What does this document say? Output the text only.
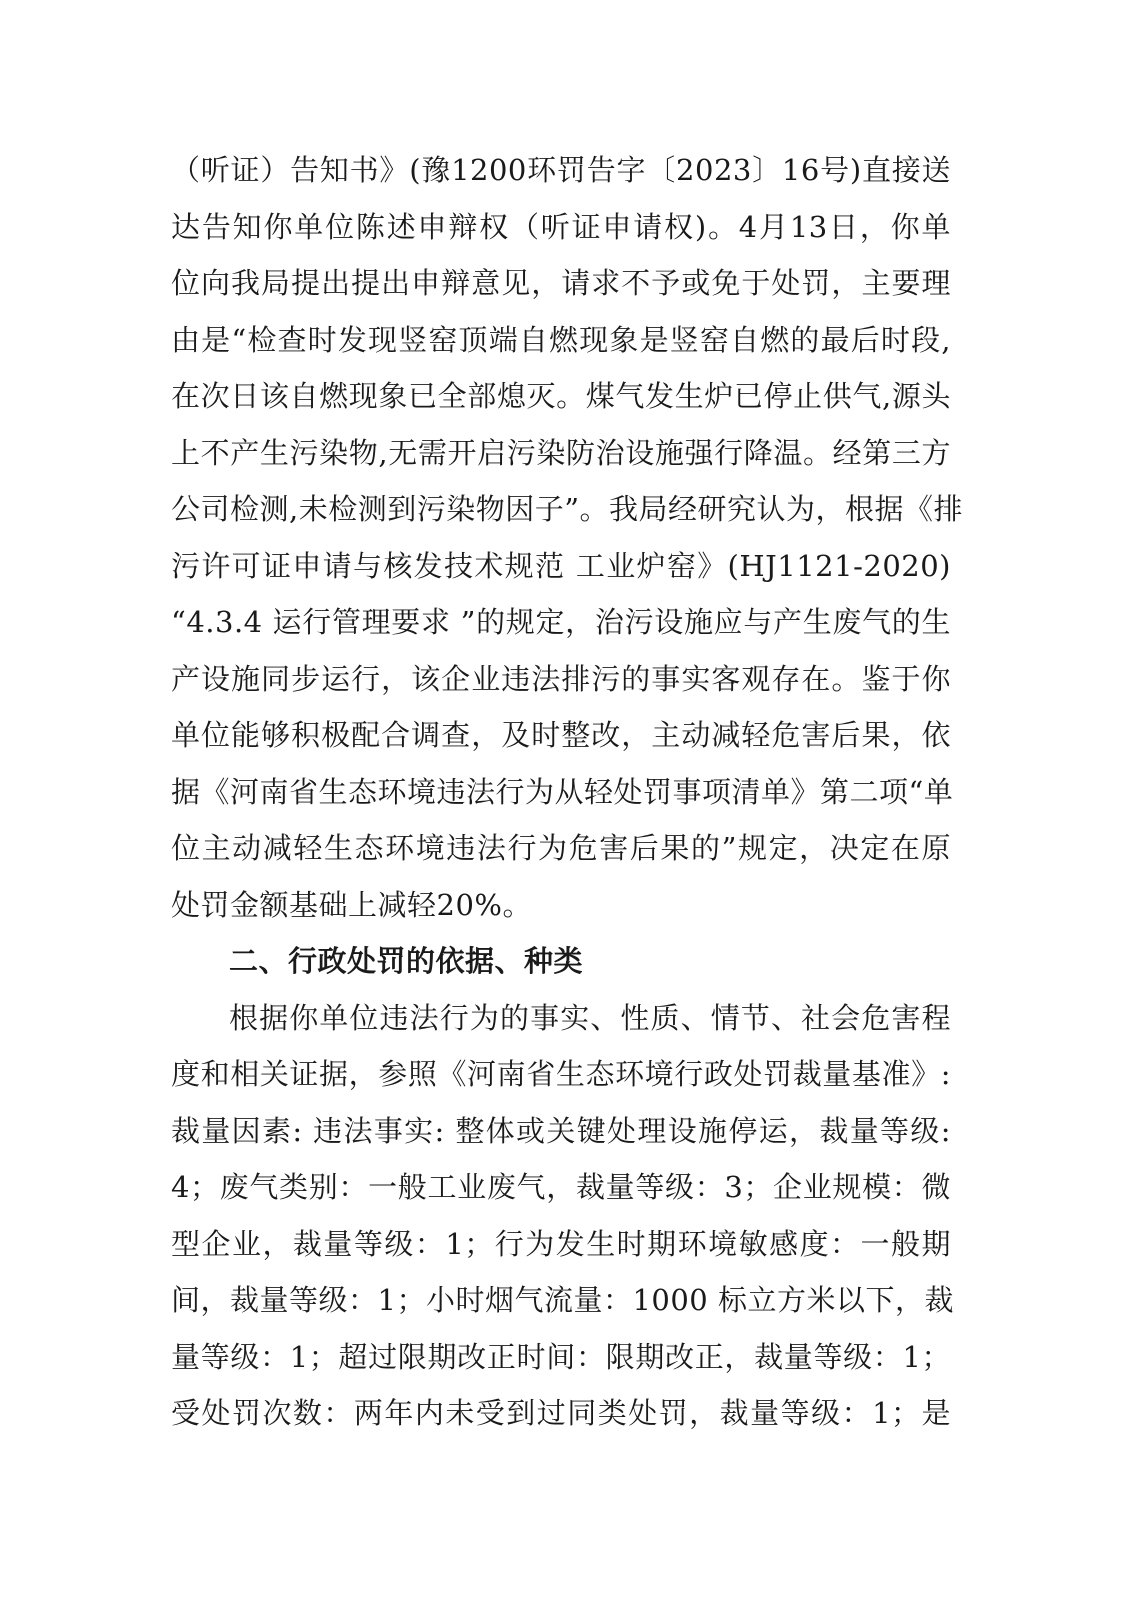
（听证）告知书》(豫1200环罚告字〔2023〕16号)直接送
达告知你单位陈述申辩权（听证申请权)。4月13日，你单
位向我局提出提出申辩意见，请求不予或免于处罚，主要理
由是“检查时发现竖窑顶端自燃现象是竖窑自燃的最后时段,
在次日该自燃现象已全部熄灭。煤气发生炉已停止供气,源头
上不产生污染物,无需开启污染防治设施强行降温。经第三方
公司检测,未检测到污染物因子”。我局经研究认为，根据《排
污许可证申请与核发技术规范 工业炉窑》(HJ1121-2020)
“4.3.4 运行管理要求 ”的规定，治污设施应与产生废气的生
产设施同步运行，该企业违法排污的事实客观存在。鉴于你
单位能够积极配合调查，及时整改，主动减轻危害后果，依
据《河南省生态环境违法行为从轻处罚事项清单》第二项“单
位主动减轻生态环境违法行为危害后果的”规定，决定在原
处罚金额基础上减轻20%。
二、行政处罚的依据、种类
根据你单位违法行为的事实、性质、情节、社会危害程
度和相关证据，参照《河南省生态环境行政处罚裁量基准》:
裁量因素: 违法事实: 整体或关键处理设施停运，裁量等级:
4；废气类别：一般工业废气，裁量等级：3；企业规模：微
型企业，裁量等级：1；行为发生时期环境敏感度：一般期
间，裁量等级：1；小时烟气流量：1000 标立方米以下，裁
量等级：1；超过限期改正时间：限期改正，裁量等级：1；
受处罚次数：两年内未受到过同类处罚，裁量等级：1；是
